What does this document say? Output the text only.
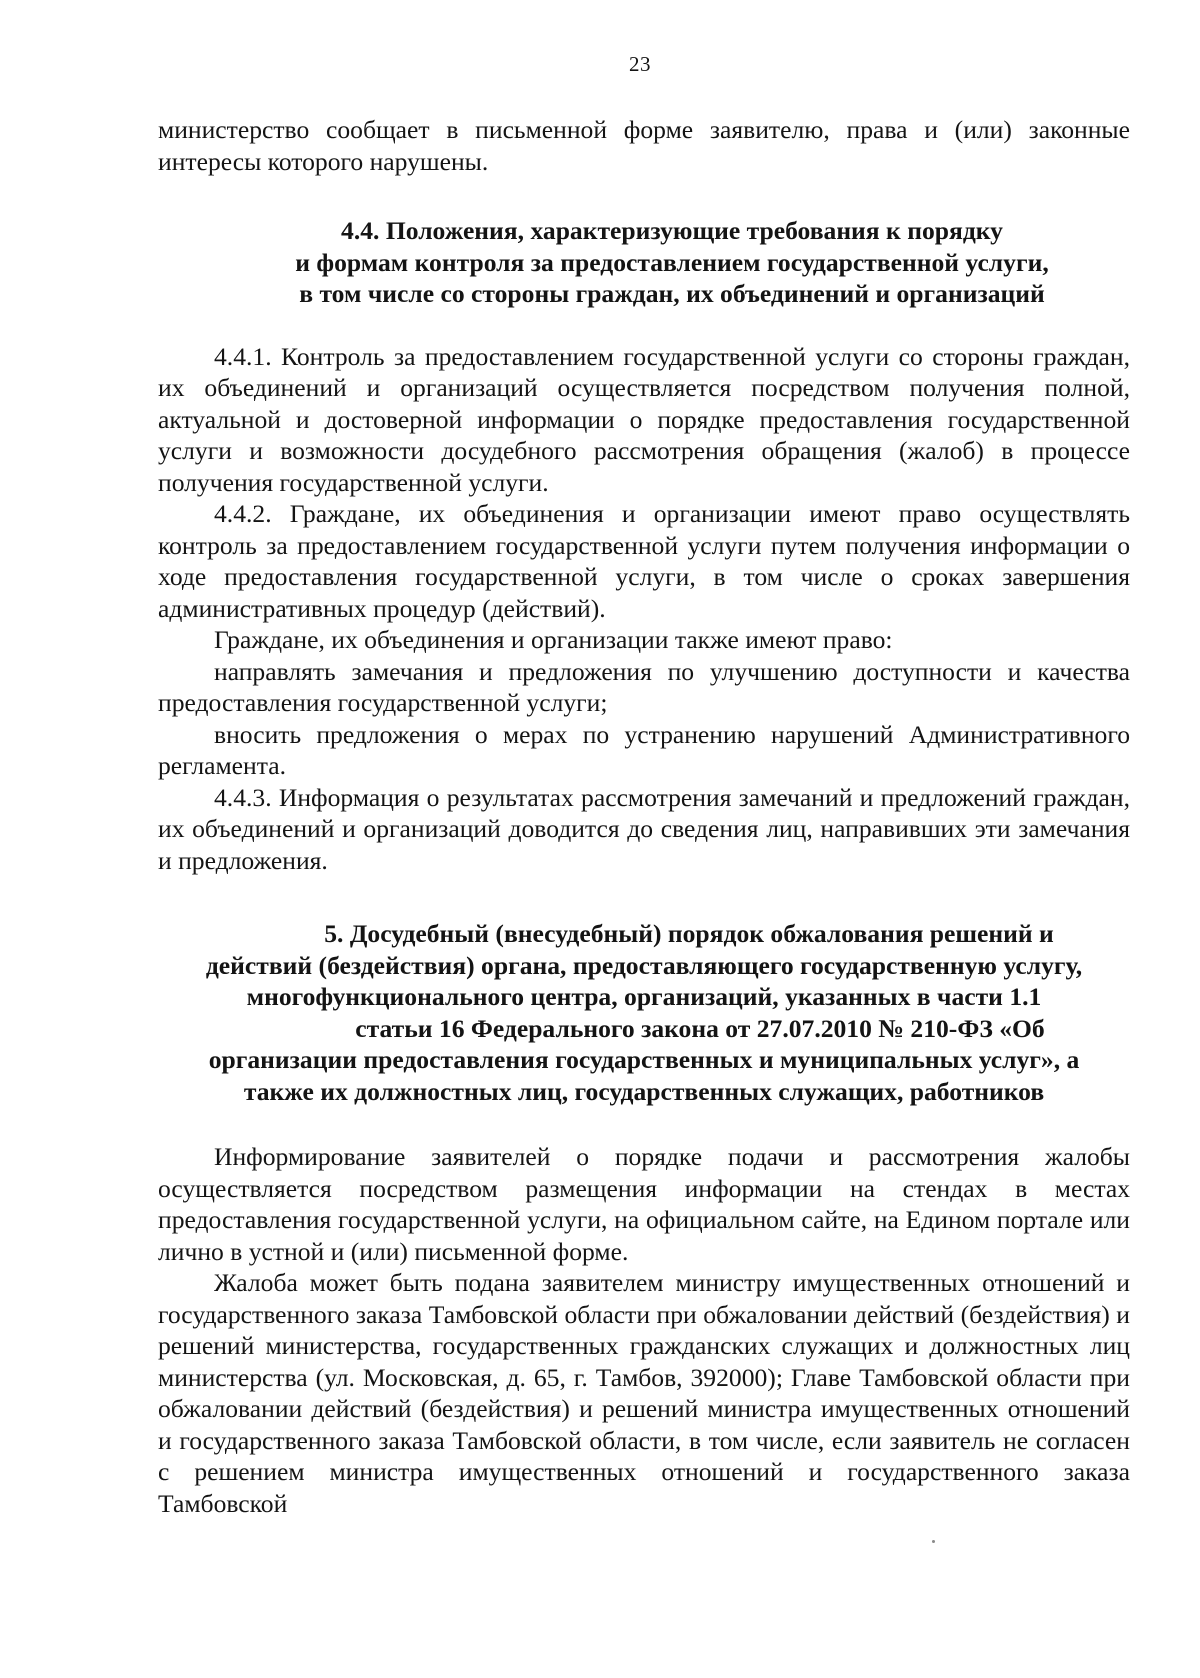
23

министерство сообщает в письменной форме заявителю, права и (или) законные интересы которого нарушены.

4.4. Положения, характеризующие требования к порядку
и формам контроля за предоставлением государственной услуги,
в том числе со стороны граждан, их объединений и организаций

4.4.1. Контроль за предоставлением государственной услуги со стороны граждан, их объединений и организаций осуществляется посредством получения полной, актуальной и достоверной информации о порядке предоставления государственной услуги и возможности досудебного рассмотрения обращения (жалоб) в процессе получения государственной услуги.

4.4.2. Граждане, их объединения и организации имеют право осуществлять контроль за предоставлением государственной услуги путем получения информации о ходе предоставления государственной услуги, в том числе о сроках завершения административных процедур (действий).

Граждане, их объединения и организации также имеют право:

направлять замечания и предложения по улучшению доступности и качества предоставления государственной услуги;

вносить предложения о мерах по устранению нарушений Административного регламента.

4.4.3. Информация о результатах рассмотрения замечаний и предложений граждан, их объединений и организаций доводится до сведения лиц, направивших эти замечания и предложения.

5. Досудебный (внесудебный) порядок обжалования решений и
действий (бездействия) органа, предоставляющего государственную услугу,
многофункционального центра, организаций, указанных в части 1.1
статьи 16 Федерального закона от 27.07.2010 № 210-ФЗ «Об
организации предоставления государственных и муниципальных услуг», а
также их должностных лиц, государственных служащих, работников

Информирование заявителей о порядке подачи и рассмотрения жалобы осуществляется посредством размещения информации на стендах в местах предоставления государственной услуги, на официальном сайте, на Едином портале или лично в устной и (или) письменной форме.

Жалоба может быть подана заявителем министру имущественных отношений и государственного заказа Тамбовской области при обжаловании действий (бездействия) и решений министерства, государственных гражданских служащих и должностных лиц министерства (ул. Московская, д. 65, г. Тамбов, 392000); Главе Тамбовской области при обжаловании действий (бездействия) и решений министра имущественных отношений и государственного заказа Тамбовской области, в том числе, если заявитель не согласен с решением министра имущественных отношений и государственного заказа Тамбовской
